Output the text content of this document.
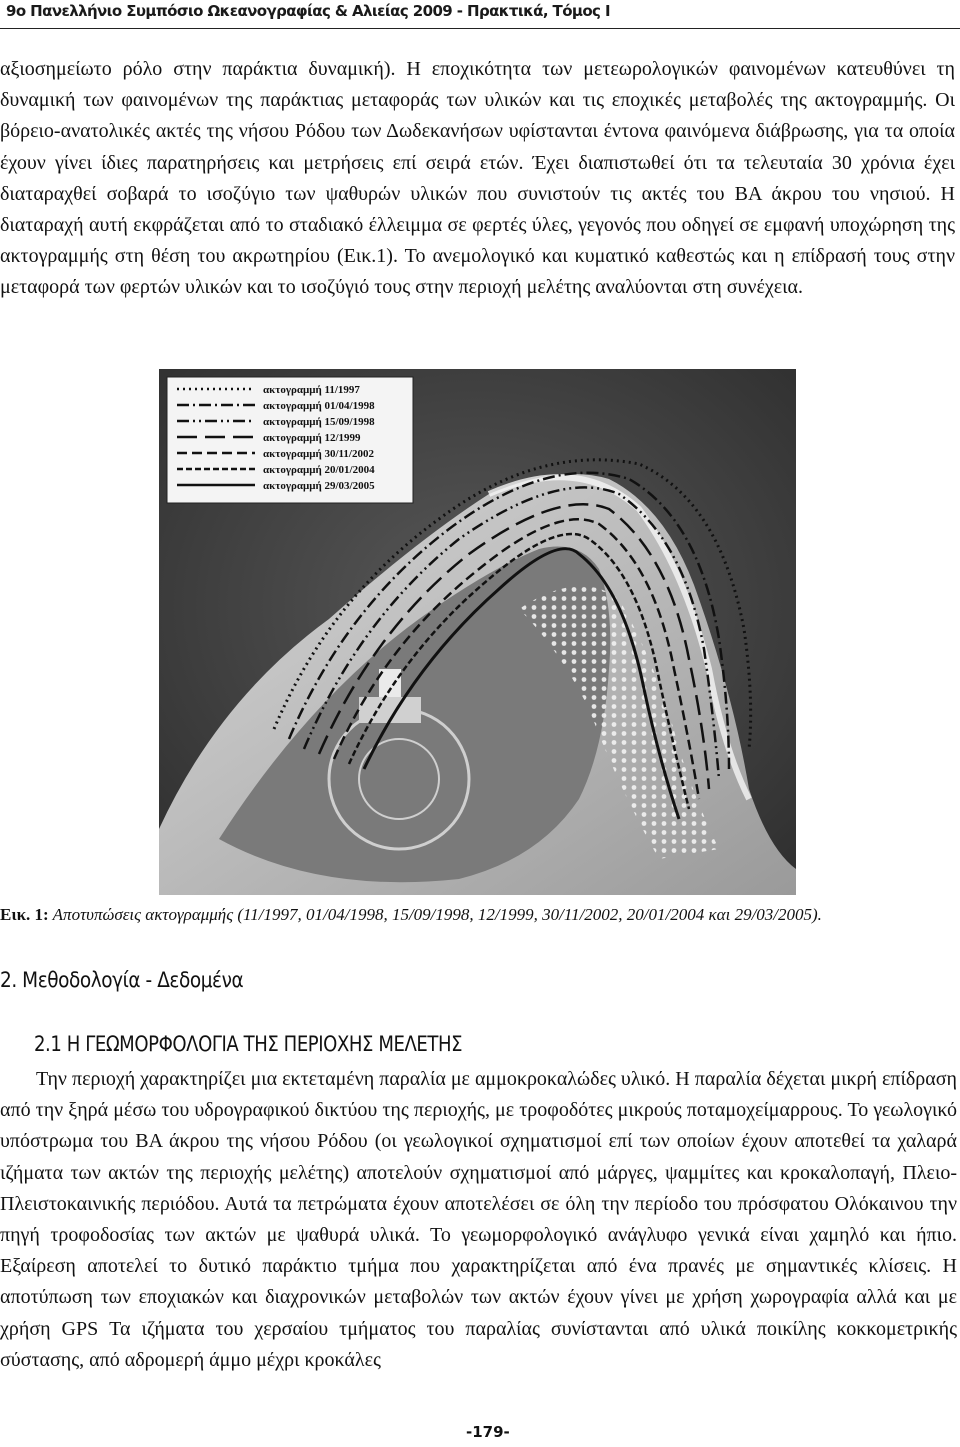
9ο Πανελλήνιο Συμπόσιο Ωκεανογραφίας & Αλιείας 2009 - Πρακτικά, Τόμος Ι

αξιοσημείωτο ρόλο στην παράκτια δυναμική). Η εποχικότητα των μετεωρολογικών φαινομένων κατευθύνει τη δυναμική των φαινομένων της παράκτιας μεταφοράς των υλικών και τις εποχικές μεταβολές της ακτογραμμής. Οι βόρειο-ανατολικές ακτές της νήσου Ρόδου των Δωδεκανήσων υφίστανται έντονα φαινόμενα διάβρωσης, για τα οποία έχουν γίνει ίδιες παρατηρήσεις και μετρήσεις επί σειρά ετών. Έχει διαπιστωθεί ότι τα τελευταία 30 χρόνια έχει διαταραχθεί σοβαρά το ισοζύγιο των ψαθυρών υλικών που συνιστούν τις ακτές του ΒΑ άκρου του νησιού. Η διαταραχή αυτή εκφράζεται από το σταδιακό έλλειμμα σε φερτές ύλες, γεγονός που οδηγεί σε εμφανή υποχώρηση της ακτογραμμής στη θέση του ακρωτηρίου (Εικ.1). Το ανεμολογικό και κυματικό καθεστώς και η επίδρασή τους στην μεταφορά των φερτών υλικών και το ισοζύγιό τους στην περιοχή μελέτης αναλύονται στη συνέχεια.

ακτογραμμή 11/1997
ακτογραμμή 01/04/1998
ακτογραμμή 15/09/1998
ακτογραμμή 12/1999
ακτογραμμή 30/11/2002
ακτογραμμή 20/01/2004
ακτογραμμή 29/03/2005
Εικ. 1: Αποτυπώσεις ακτογραμμής (11/1997, 01/04/1998, 15/09/1998, 12/1999, 30/11/2002, 20/01/2004 και 29/03/2005).
2. Μεθοδολογία - Δεδομένα
2.1 Η ΓΕΩΜΟΡΦΟΛΟΓΙΑ ΤΗΣ ΠΕΡΙΟΧΗΣ ΜΕΛΕΤΗΣ

Την περιοχή χαρακτηρίζει μια εκτεταμένη παραλία με αμμοκροκαλώδες υλικό. Η παραλία δέχεται μικρή επίδραση από την ξηρά μέσω του υδρογραφικού δικτύου της περιοχής, με τροφοδότες μικρούς ποταμοχείμαρρους. Το γεωλογικό υπόστρωμα του ΒΑ άκρου της νήσου Ρόδου (οι γεωλογικοί σχηματισμοί επί των οποίων έχουν αποτεθεί τα χαλαρά ιζήματα των ακτών της περιοχής μελέτης) αποτελούν σχηματισμοί από μάργες, ψαμμίτες και κροκαλοπαγή, Πλειο-Πλειστοκαινικής περιόδου. Αυτά τα πετρώματα έχουν αποτελέσει σε όλη την περίοδο του πρόσφατου Ολόκαινου την πηγή τροφοδοσίας των ακτών με ψαθυρά υλικά. Το γεωμορφολογικό ανάγλυφο γενικά είναι χαμηλό και ήπιο. Εξαίρεση αποτελεί το δυτικό παράκτιο τμήμα που χαρακτηρίζεται από ένα πρανές με σημαντικές κλίσεις. Η αποτύπωση των εποχιακών και διαχρονικών μεταβολών των ακτών έχουν γίνει με χρήση χωρογραφία αλλά και με χρήση GPS Τα ιζήματα του χερσαίου τμήματος του παραλίας συνίστανται από υλικά ποικίλης κοκκομετρικής σύστασης, από αδρομερή άμμο μέχρι κροκάλες

-179-
